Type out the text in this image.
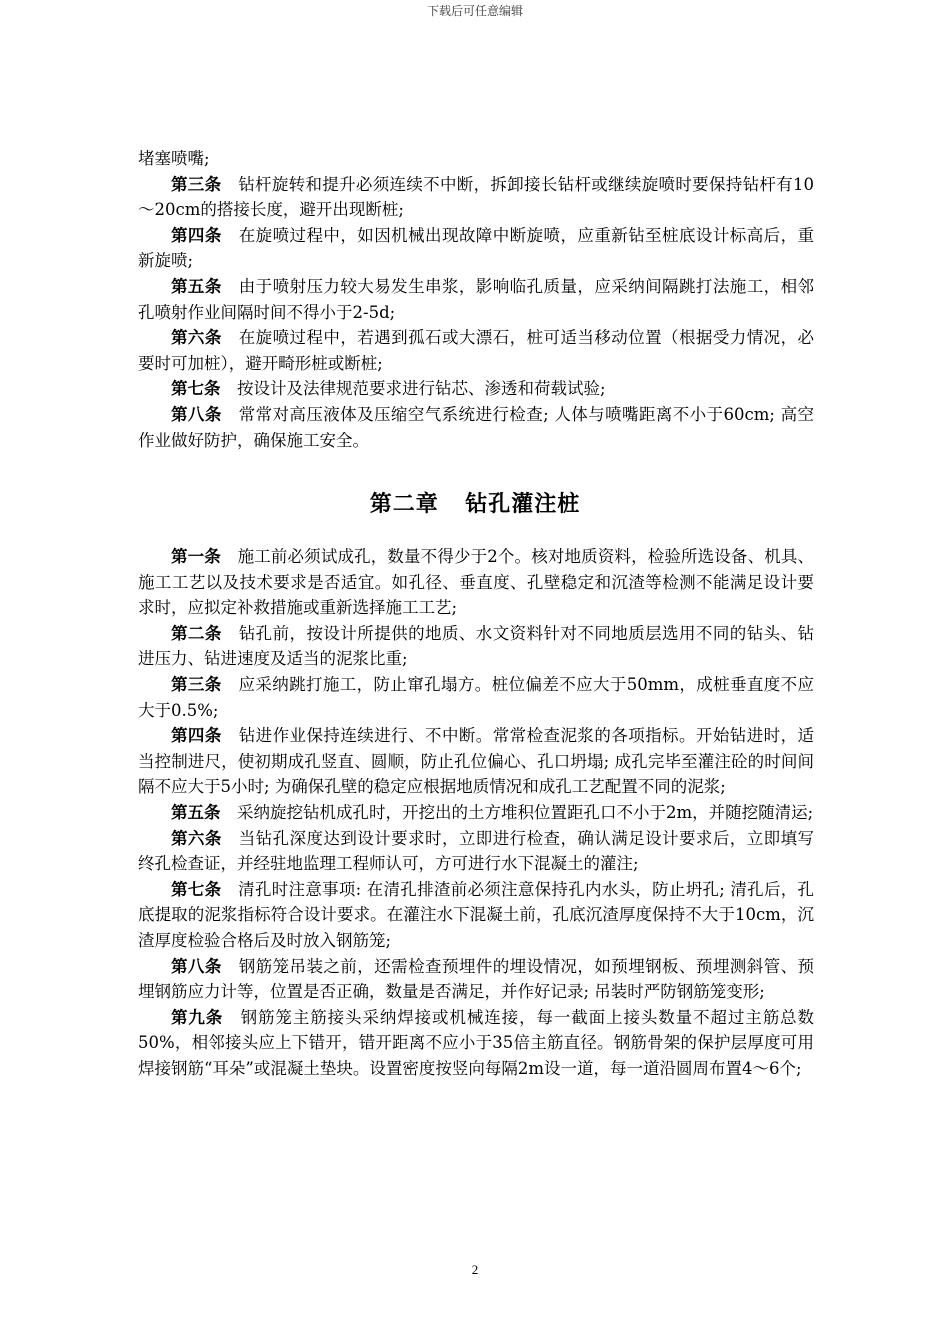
下载后可任意编辑

堵塞喷嘴;

第三条　 钻杆旋转和提升必须连续不中断，拆卸接长钻杆或继续旋喷时要保持钻杆有10～20cm的搭接长度，避开出现断桩;

第四条　 在旋喷过程中，如因机械出现故障中断旋喷，应重新钻至桩底设计标高后，重新旋喷;

第五条　 由于喷射压力较大易发生串浆，影响临孔质量，应采纳间隔跳打法施工，相邻孔喷射作业间隔时间不得小于2-5d;

第六条　 在旋喷过程中，若遇到孤石或大漂石，桩可适当移动位置（根据受力情况，必要时可加桩），避开畸形桩或断桩;

第七条　 按设计及法律规范要求进行钻芯、渗透和荷载试验;

第八条　 常常对高压液体及压缩空气系统进行检查; 人体与喷嘴距离不小于60cm; 高空作业做好防护，确保施工安全。

第二章 钻孔灌注桩

第一条　 施工前必须试成孔，数量不得少于2个。核对地质资料，检验所选设备、机具、施工工艺以及技术要求是否适宜。如孔径、垂直度、孔壁稳定和沉渣等检测不能满足设计要求时，应拟定补救措施或重新选择施工工艺;

第二条　 钻孔前，按设计所提供的地质、水文资料针对不同地质层选用不同的钻头、钻进压力、钻进速度及适当的泥浆比重;

第三条　 应采纳跳打施工，防止窜孔塌方。桩位偏差不应大于50mm，成桩垂直度不应大于0.5%;

第四条　 钻进作业保持连续进行、不中断。常常检查泥浆的各项指标。开始钻进时，适当控制进尺，使初期成孔竖直、圆顺，防止孔位偏心、孔口坍塌; 成孔完毕至灌注砼的时间间隔不应大于5小时; 为确保孔壁的稳定应根据地质情况和成孔工艺配置不同的泥浆;

第五条　 采纳旋挖钻机成孔时，开挖出的土方堆积位置距孔口不小于2m，并随挖随清运;

第六条　 当钻孔深度达到设计要求时，立即进行检查，确认满足设计要求后，立即填写终孔检查证，并经驻地监理工程师认可，方可进行水下混凝土的灌注;

第七条　 清孔时注意事项: 在清孔排渣前必须注意保持孔内水头，防止坍孔; 清孔后，孔底提取的泥浆指标符合设计要求。在灌注水下混凝土前，孔底沉渣厚度保持不大于10cm，沉渣厚度检验合格后及时放入钢筋笼;

第八条　 钢筋笼吊装之前，还需检查预埋件的埋设情况，如预埋钢板、预埋测斜管、预埋钢筋应力计等，位置是否正确，数量是否满足，并作好记录; 吊装时严防钢筋笼变形;

第九条　 钢筋笼主筋接头采纳焊接或机械连接，每一截面上接头数量不超过主筋总数50%，相邻接头应上下错开，错开距离不应小于35倍主筋直径。钢筋骨架的保护层厚度可用焊接钢筋“耳朵”或混凝土垫块。设置密度按竖向每隔2m设一道，每一道沿圆周布置4～6个;

2
